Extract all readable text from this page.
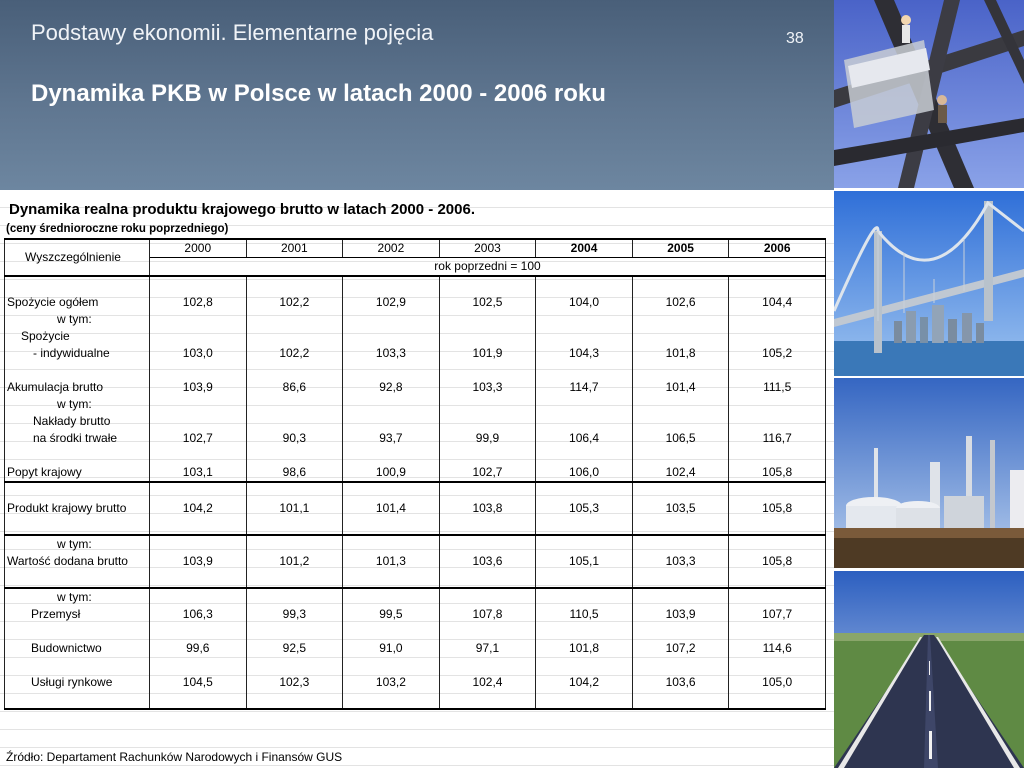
Podstawy ekonomii. Elementarne pojęcia	38
Dynamika PKB w Polsce w latach 2000 - 2006 roku
Dynamika realna produktu krajowego brutto w latach 2000 - 2006.
(ceny średnioroczne roku poprzedniego)
Wyszczególnienie	2000	2001	2002	2003	2004	2005	2006
	rok poprzedni = 100						

Spożycie ogółem	102,8	102,2	102,9	102,5	104,0	102,6	104,4
w tym:							
Spożycie							
- indywidualne	103,0	102,2	103,3	101,9	104,3	101,8	105,2

Akumulacja brutto	103,9	86,6	92,8	103,3	114,7	101,4	111,5
w tym:							
Nakłady brutto							
na środki trwałe	102,7	90,3	93,7	99,9	106,4	106,5	116,7

Popyt krajowy	103,1	98,6	100,9	102,7	106,0	102,4	105,8

Produkt krajowy brutto	104,2	101,1	101,4	103,8	105,3	103,5	105,8

w tym:							
Wartość dodana brutto	103,9	101,2	101,3	103,6	105,1	103,3	105,8

w tym:							
Przemysł	106,3	99,3	99,5	107,8	110,5	103,9	107,7

Budownictwo	99,6	92,5	91,0	97,1	101,8	107,2	114,6

Usługi rynkowe	104,5	102,3	103,2	102,4	104,2	103,6	105,0

Źródło: Departament Rachunków Narodowych i Finansów GUS
